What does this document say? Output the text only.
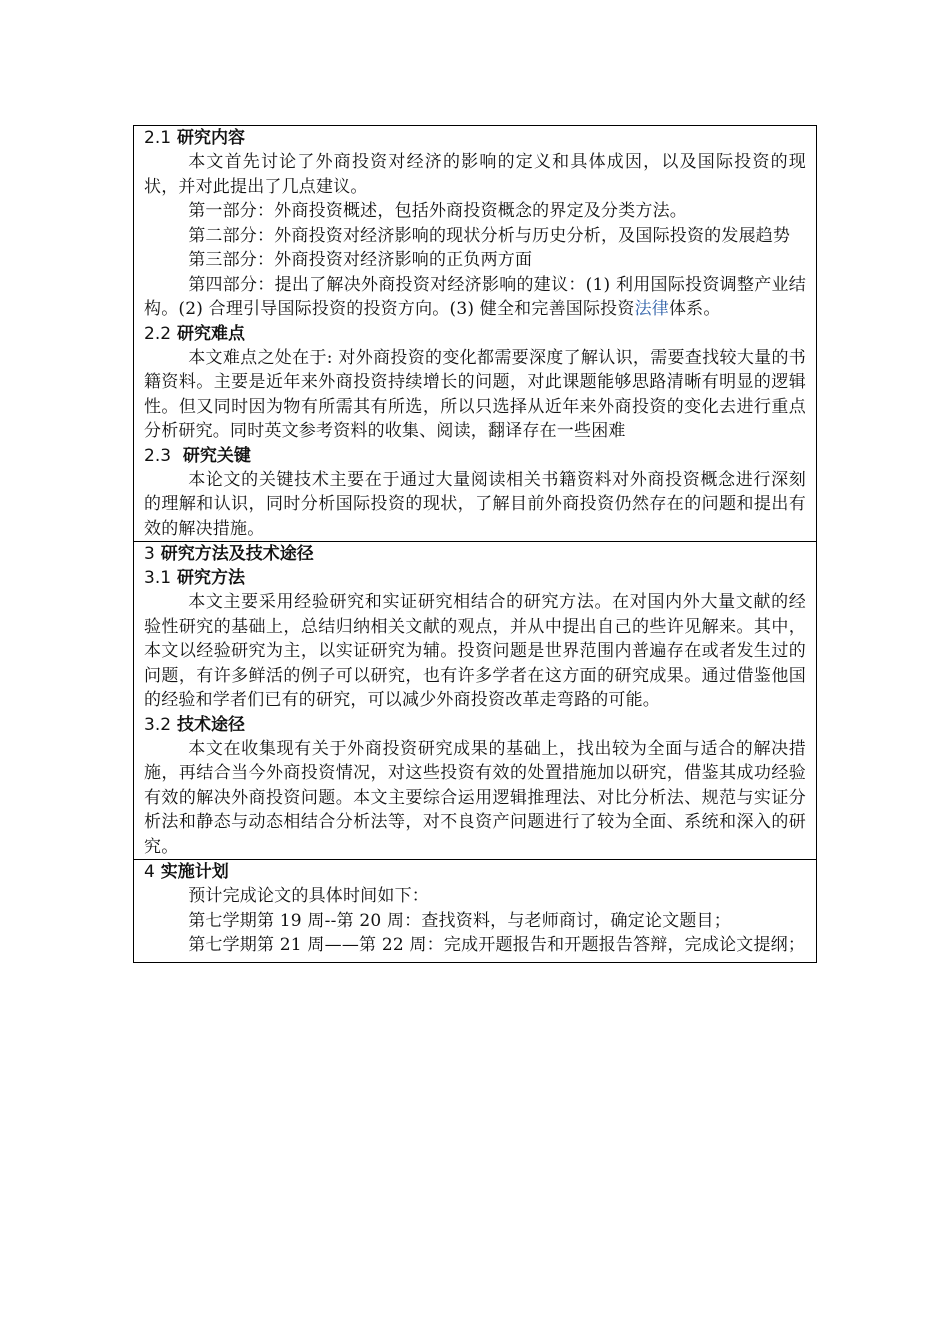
2.1 研究内容

本文首先讨论了外商投资对经济的影响的定义和具体成因，以及国际投资的现状，并对此提出了几点建议。

第一部分：外商投资概述，包括外商投资概念的界定及分类方法。

第二部分：外商投资对经济影响的现状分析与历史分析，及国际投资的发展趋势

第三部分：外商投资对经济影响的正负两方面

第四部分：提出了解决外商投资对经济影响的建议：(1) 利用国际投资调整产业结构。(2) 合理引导国际投资的投资方向。(3) 健全和完善国际投资法律体系。

2.2 研究难点

本文难点之处在于: 对外商投资的变化都需要深度了解认识，需要查找较大量的书籍资料。主要是近年来外商投资持续增长的问题，对此课题能够思路清晰有明显的逻辑性。但又同时因为物有所需其有所选，所以只选择从近年来外商投资的变化去进行重点分析研究。同时英文参考资料的收集、阅读，翻译存在一些困难

2.3 研究关键

本论文的关键技术主要在于通过大量阅读相关书籍资料对外商投资概念进行深刻的理解和认识，同时分析国际投资的现状，了解目前外商投资仍然存在的问题和提出有效的解决措施。

3 研究方法及技术途径
3.1 研究方法

本文主要采用经验研究和实证研究相结合的研究方法。在对国内外大量文献的经验性研究的基础上，总结归纳相关文献的观点，并从中提出自己的些许见解来。其中，本文以经验研究为主，以实证研究为辅。投资问题是世界范围内普遍存在或者发生过的问题，有许多鲜活的例子可以研究，也有许多学者在这方面的研究成果。通过借鉴他国的经验和学者们已有的研究，可以减少外商投资改革走弯路的可能。

3.2 技术途径

本文在收集现有关于外商投资研究成果的基础上，找出较为全面与适合的解决措施，再结合当今外商投资情况，对这些投资有效的处置措施加以研究，借鉴其成功经验有效的解决外商投资问题。本文主要综合运用逻辑推理法、对比分析法、规范与实证分析法和静态与动态相结合分析法等，对不良资产问题进行了较为全面、系统和深入的研究。

4 实施计划

预计完成论文的具体时间如下：

第七学期第 19 周--第 20 周：查找资料，与老师商讨，确定论文题目；

第七学期第 21 周——第 22 周：完成开题报告和开题报告答辩，完成论文提纲；
